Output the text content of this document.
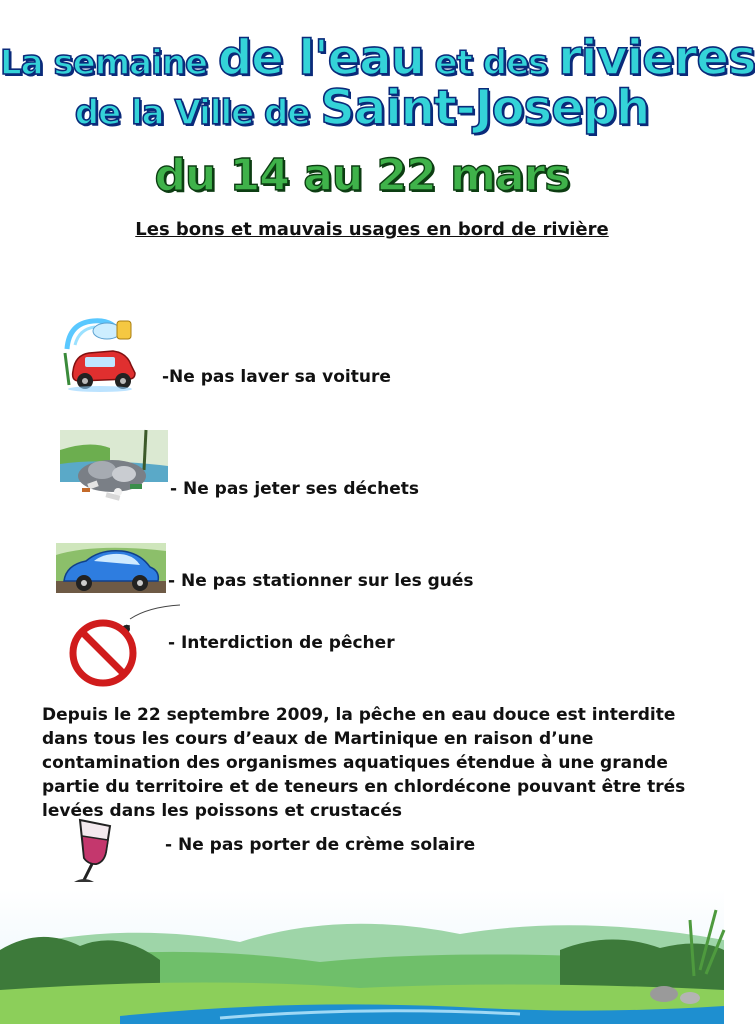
La semaine de l'eau et des rivieres
de la Ville de Saint-Joseph
du 14 au 22 mars
Les bons et mauvais usages en bord de rivière
-Ne pas laver sa voiture
- Ne pas jeter ses déchets
- Ne pas stationner sur les gués
- Interdiction de pêcher
Depuis le 22 septembre 2009, la pêche en eau douce est interdite dans tous les cours d’eaux de Martinique en raison d’une contamination des organismes aquatiques étendue à une grande partie du territoire et de teneurs en chlordécone pouvant être trés levées dans les poissons et crustacés
- Ne pas porter de crème solaire
